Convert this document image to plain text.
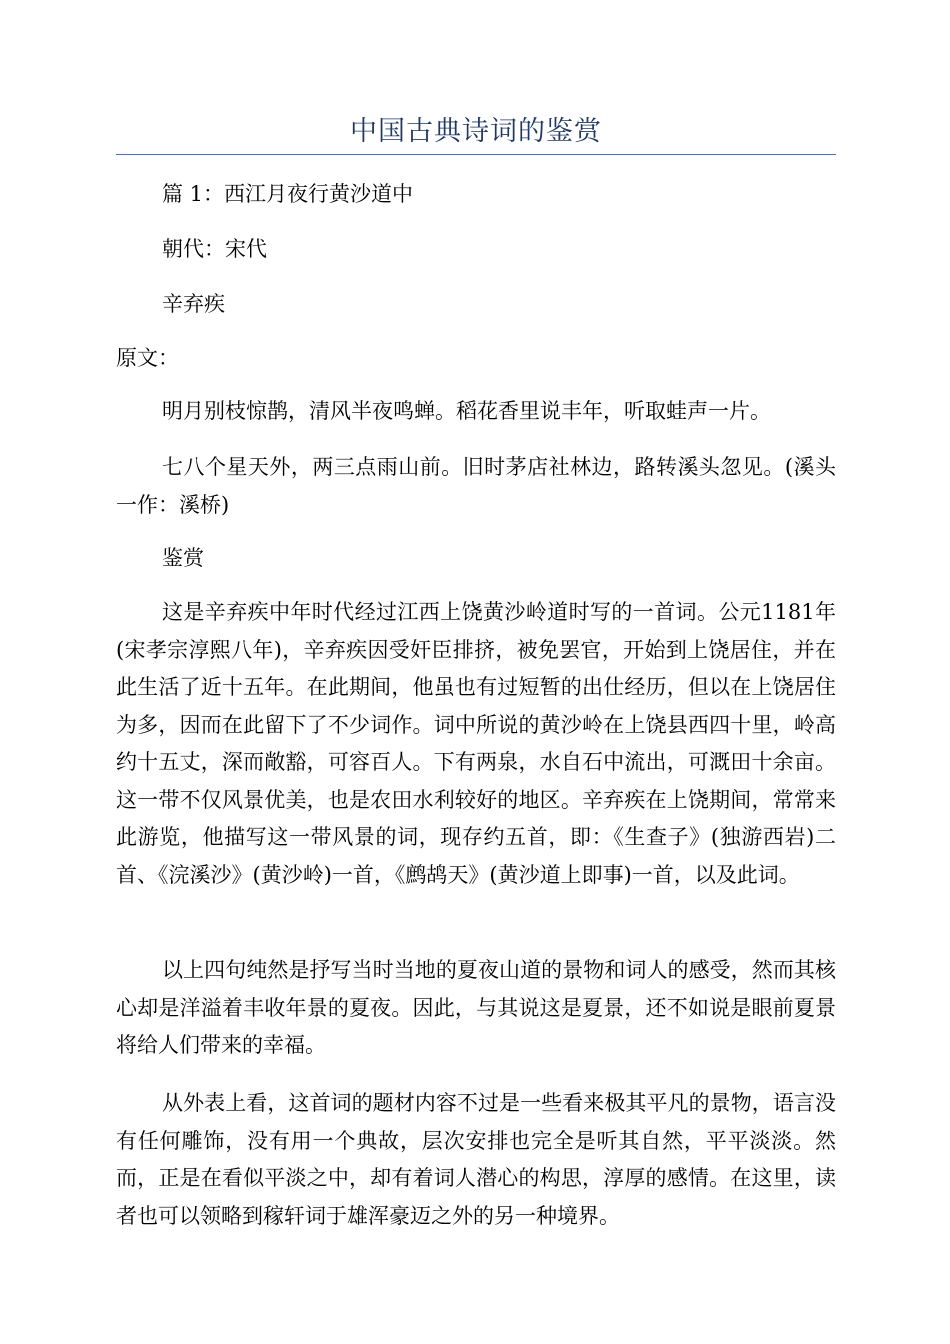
中国古典诗词的鉴赏

篇 1：西江月夜行黄沙道中

朝代：宋代

辛弃疾

原文：

明月别枝惊鹊，清风半夜鸣蝉。稻花香里说丰年，听取蛙声一片。

七八个星天外，两三点雨山前。旧时茅店社林边，路转溪头忽见。(溪头一作：溪桥)

鉴赏

这是辛弃疾中年时代经过江西上饶黄沙岭道时写的一首词。公元1181年(宋孝宗淳熙八年)，辛弃疾因受奸臣排挤，被免罢官，开始到上饶居住，并在此生活了近十五年。在此期间，他虽也有过短暂的出仕经历，但以在上饶居住为多，因而在此留下了不少词作。词中所说的黄沙岭在上饶县西四十里，岭高约十五丈，深而敞豁，可容百人。下有两泉，水自石中流出，可溉田十余亩。这一带不仅风景优美，也是农田水利较好的地区。辛弃疾在上饶期间，常常来此游览，他描写这一带风景的词，现存约五首，即：《生查子》(独游西岩)二首、《浣溪沙》(黄沙岭)一首，《鹧鸪天》(黄沙道上即事)一首，以及此词。

以上四句纯然是抒写当时当地的夏夜山道的景物和词人的感受，然而其核心却是洋溢着丰收年景的夏夜。因此，与其说这是夏景，还不如说是眼前夏景将给人们带来的幸福。

从外表上看，这首词的题材内容不过是一些看来极其平凡的景物，语言没有任何雕饰，没有用一个典故，层次安排也完全是听其自然，平平淡淡。然而，正是在看似平淡之中，却有着词人潜心的构思，淳厚的感情。在这里，读者也可以领略到稼轩词于雄浑豪迈之外的另一种境界。
